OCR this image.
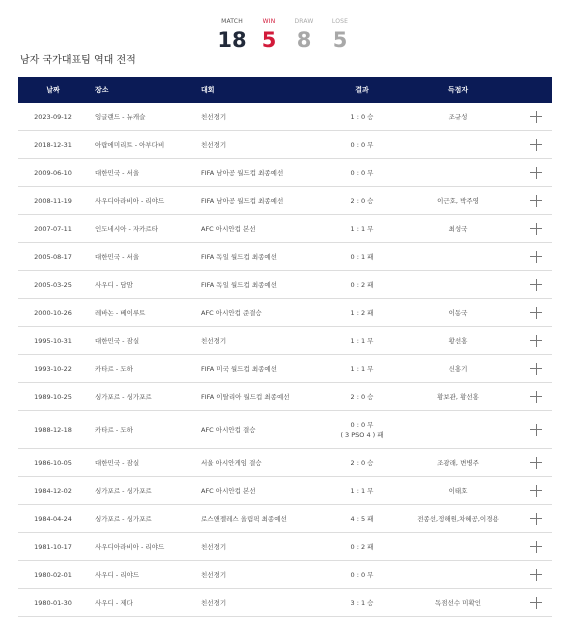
MATCH
18
WIN
5
DRAW
8
LOSE
5
남자 국가대표팀 역대 전적
날짜	장소	대회	결과	득점자
2023-09-12	잉글랜드 - 뉴캐슬	친선경기	1 : 0 승	조규성
2018-12-31	아랍에미리트 - 아부다비	친선경기	0 : 0 무
2009-06-10	대한민국 - 서울	FIFA 남아공 월드컵 최종예선	0 : 0 무
2008-11-19	사우디아라비아 - 리야드	FIFA 남아공 월드컵 최종예선	2 : 0 승	이근호, 박주영
2007-07-11	인도네시아 - 자카르타	AFC 아시안컵 본선	1 : 1 무	최성국
2005-08-17	대한민국 - 서울	FIFA 독일 월드컵 최종예선	0 : 1 패
2005-03-25	사우디 - 담맘	FIFA 독일 월드컵 최종예선	0 : 2 패
2000-10-26	레바논 - 베이루트	AFC 아시안컵 준결승	1 : 2 패	이동국
1995-10-31	대한민국 - 잠실	친선경기	1 : 1 무	황선홍
1993-10-22	카타르 - 도하	FIFA 미국 월드컵 최종예선	1 : 1 무	신홍기
1989-10-25	싱가포르 - 싱가포르	FIFA 이탈리아 월드컵 최종예선	2 : 0 승	황보관, 황선홍
1988-12-18	카타르 - 도하	AFC 아시안컵 결승
0 : 0 무
( 3 PSO 4 ) 패
1986-10-05	대한민국 - 잠실	서울 아시안게임 결승	2 : 0 승	조광래, 변병주
1984-12-02	싱가포르 - 싱가포르	AFC 아시안컵 본선	1 : 1 무	이태호
1984-04-24	싱가포르 - 싱가포르	로스앤젤레스 올림픽 최종예선	4 : 5 패	전종선,정해원,차혜공,이경용
1981-10-17	사우디아라비아 - 리야드	친선경기	0 : 2 패
1980-02-01	사우디 - 리야드	친선경기	0 : 0 무
1980-01-30	사우디 - 제다	친선경기	3 : 1 승	독점선수 미확인
